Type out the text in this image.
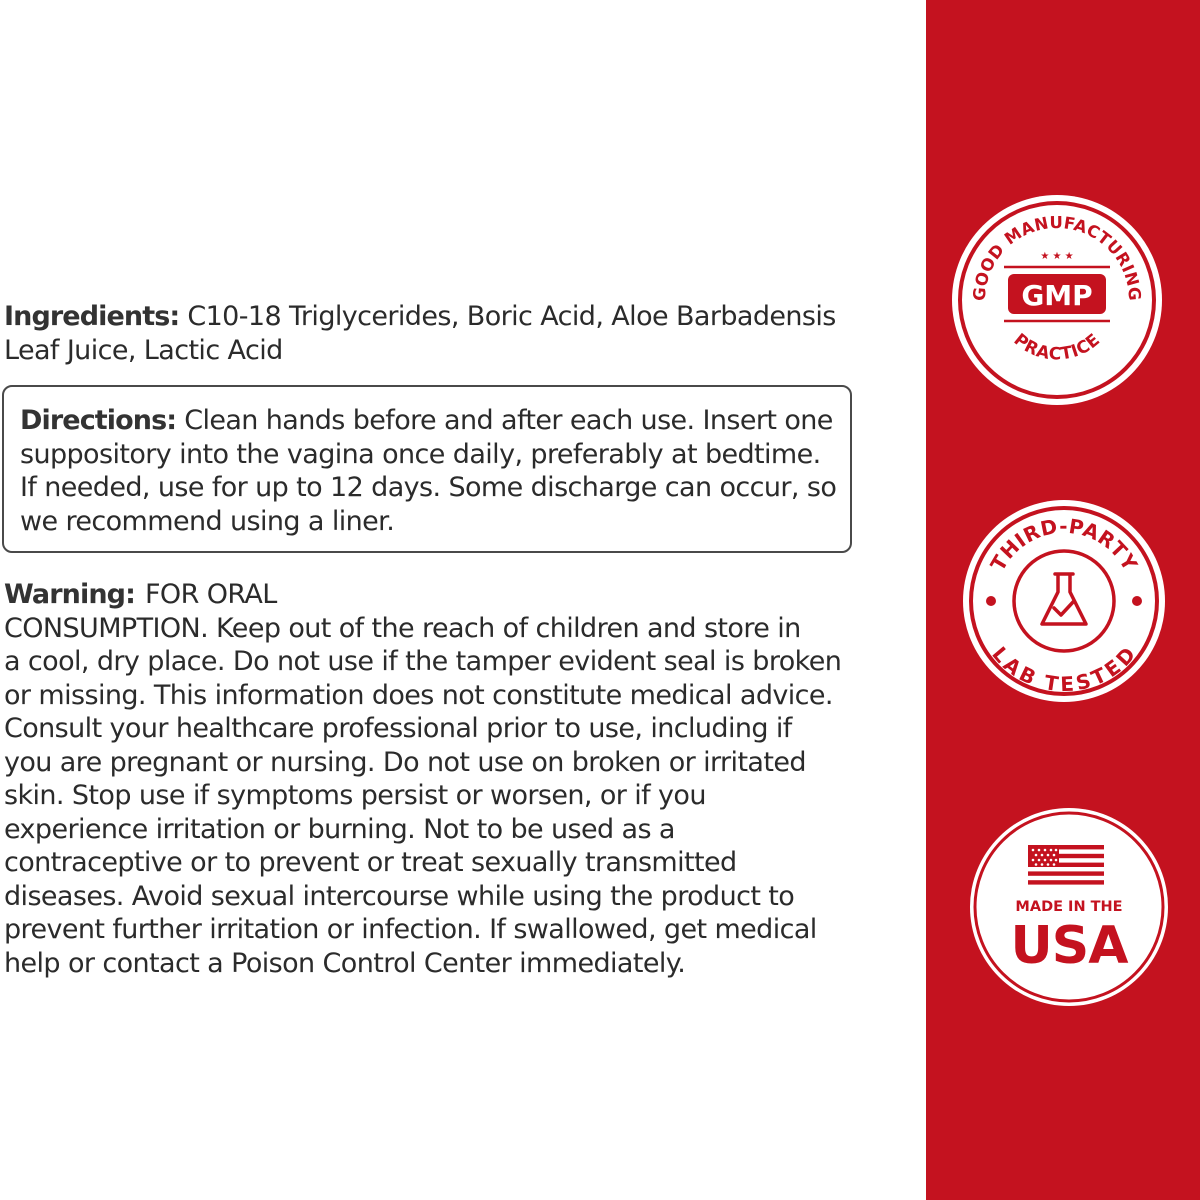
Ingredients: C10-18 Triglycerides, Boric Acid, Aloe Barbadensis
Leaf Juice, Lactic Acid
Directions: Clean hands before and after each use. Insert one
suppository into the vagina once daily, preferably at bedtime.
If needed, use for up to 12 days. Some discharge can occur, so
we recommend using a liner.
Warning: FOR ORAL
CONSUMPTION. Keep out of the reach of children and store in
a cool, dry place. Do not use if the tamper evident seal is broken
or missing. This information does not constitute medical advice.
Consult your healthcare professional prior to use, including if
you are pregnant or nursing. Do not use on broken or irritated
skin. Stop use if symptoms persist or worsen, or if you
experience irritation or burning. Not to be used as a
contraceptive or to prevent or treat sexually transmitted
diseases. Avoid sexual intercourse while using the product to
prevent further irritation or infection. If swallowed, get medical
help or contact a Poison Control Center immediately.
GOOD MANUFACTURING
PRACTICE
★ ★ ★
GMP
THIRD-PARTY
LAB TESTED
MADE IN THE
USA
